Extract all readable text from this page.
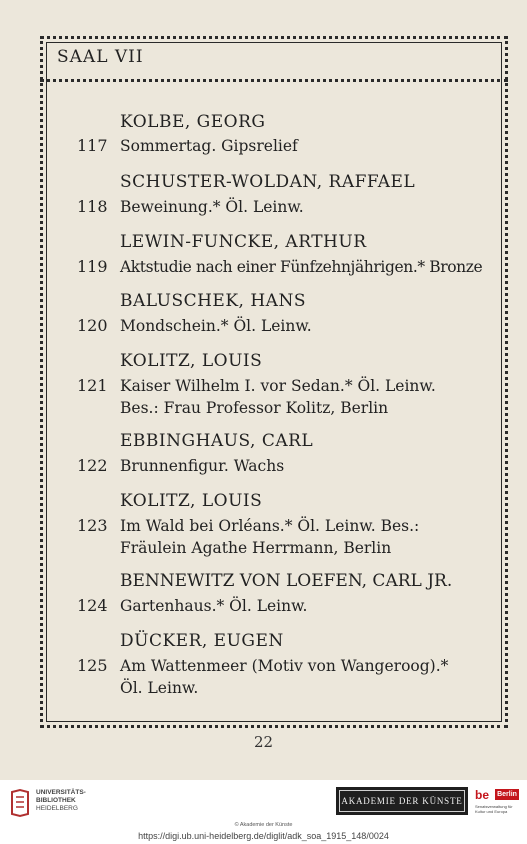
SAAL VII
KOLBE, GEORG
117 Sommertag. Gipsrelief
SCHUSTER-WOLDAN, RAFFAEL
118 Beweinung.* Öl. Leinw.
LEWIN-FUNCKE, ARTHUR
119 Aktstudie nach einer Fünfzehnjährigen.* Bronze
BALUSCHEK, HANS
120 Mondschein.* Öl. Leinw.
KOLITZ, LOUIS
121 Kaiser Wilhelm I. vor Sedan.* Öl. Leinw.
Bes.: Frau Professor Kolitz, Berlin
EBBINGHAUS, CARL
122 Brunnenfigur. Wachs
KOLITZ, LOUIS
123 Im Wald bei Orléans.* Öl. Leinw. Bes.:
Fräulein Agathe Herrmann, Berlin
BENNEWITZ VON LOEFEN, CARL JR.
124 Gartenhaus.* Öl. Leinw.
DÜCKER, EUGEN
125 Am Wattenmeer (Motiv von Wangeroog).*
Öl. Leinw.
22
UNIVERSITÄTS-
BIBLIOTHEK
HEIDELBERG
AKADEMIE DER KÜNSTE be Berlin
Senatsverwaltung für Kultur und Europa
© Akademie der Künste
https://digi.ub.uni-heidelberg.de/diglit/adk_soa_1915_148/0024
